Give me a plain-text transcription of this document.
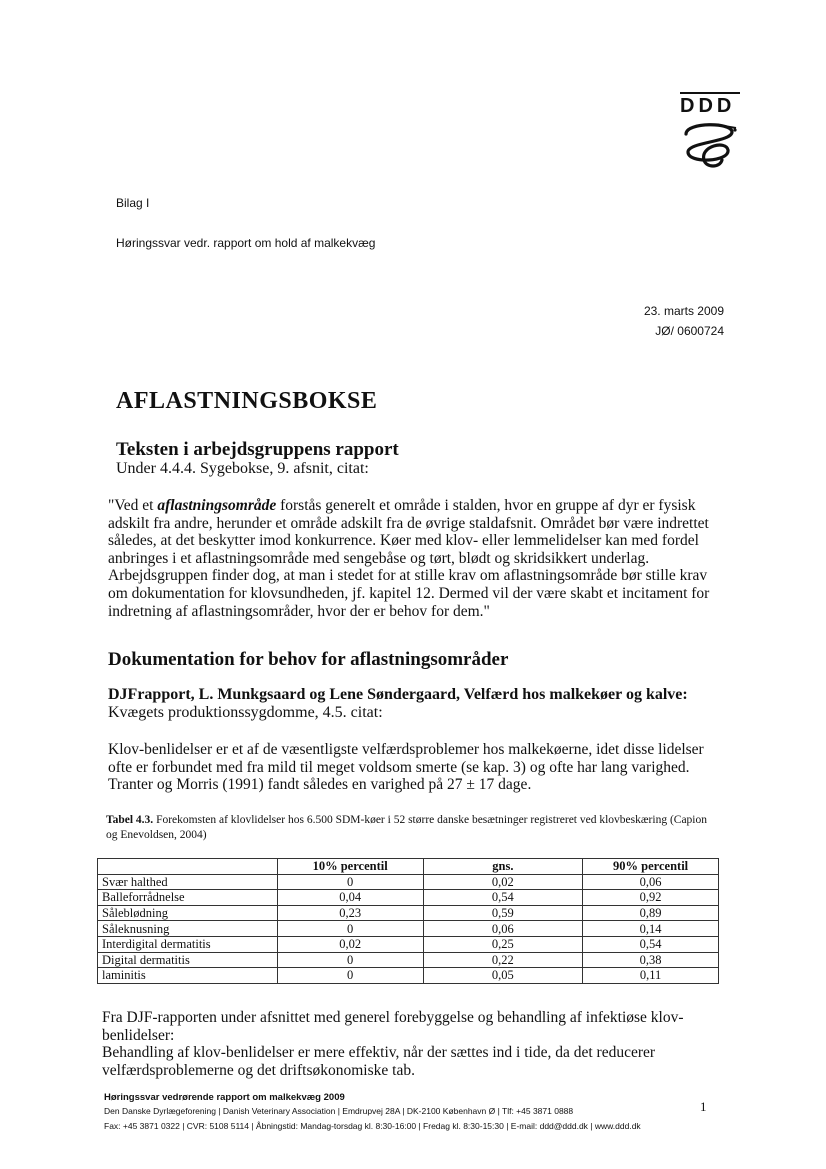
DDD
Bilag I
Høringssvar vedr. rapport om hold af malkekvæg
23. marts 2009
JØ/ 0600724
AFLASTNINGSBOKSE
Teksten i arbejdsgruppens rapport
Under 4.4.4. Sygebokse, 9. afsnit, citat:

"Ved et aflastningsområde forstås generelt et område i stalden, hvor en gruppe af dyr er fysisk adskilt fra andre, herunder et område adskilt fra de øvrige staldafsnit. Området bør være indrettet således, at det beskytter imod konkurrence. Køer med klov- eller lemmelidelser kan med fordel anbringes i et aflastningsområde med sengebåse og tørt, blødt og skridsikkert underlag. Arbejdsgruppen finder dog, at man i stedet for at stille krav om aflastningsområde bør stille krav om dokumentation for klovsundheden, jf. kapitel 12. Dermed vil der være skabt et incitament for indretning af aflastningsområder, hvor der er behov for dem."

Dokumentation for behov for aflastningsområder
DJFrapport, L. Munkgsaard og Lene Søndergaard, Velfærd hos malkekøer og kalve:
Kvægets produktionssygdomme, 4.5. citat:

Klov-benlidelser er et af de væsentligste velfærdsproblemer hos malkekøerne, idet disse lidelser ofte er forbundet med fra mild til meget voldsom smerte (se kap. 3) og ofte har lang varighed. Tranter og Morris (1991) fandt således en varighed på 27 ± 17 dage.

Tabel 4.3. Forekomsten af klovlidelser hos 6.500 SDM-køer i 52 større danske besætninger registreret ved klovbeskæring (Capion og Enevoldsen, 2004)
	10% percentil	gns.	90% percentil
Svær halthed	0	0,02	0,06
Balleforrådnelse	0,04	0,54	0,92
Såleblødning	0,23	0,59	0,89
Såleknusning	0	0,06	0,14
Interdigital dermatitis	0,02	0,25	0,54
Digital dermatitis	0	0,22	0,38
laminitis	0	0,05	0,11
Fra DJF-rapporten under afsnittet med generel forebyggelse og behandling af infektiøse klov-benlidelser:
Behandling af klov-benlidelser er mere effektiv, når der sættes ind i tide, da det reducerer velfærdsproblemerne og det driftsøkonomiske tab.
Høringssvar vedrørende rapport om malkekvæg 2009
Den Danske Dyrlægeforening | Danish Veterinary Association | Emdrupvej 28A | DK-2100 København Ø | Tlf: +45 3871 0888
Fax: +45 3871 0322 | CVR: 5108 5114 | Åbningstid: Mandag-torsdag kl. 8:30-16:00 | Fredag kl. 8:30-15:30 | E-mail: ddd@ddd.dk | www.ddd.dk
1
